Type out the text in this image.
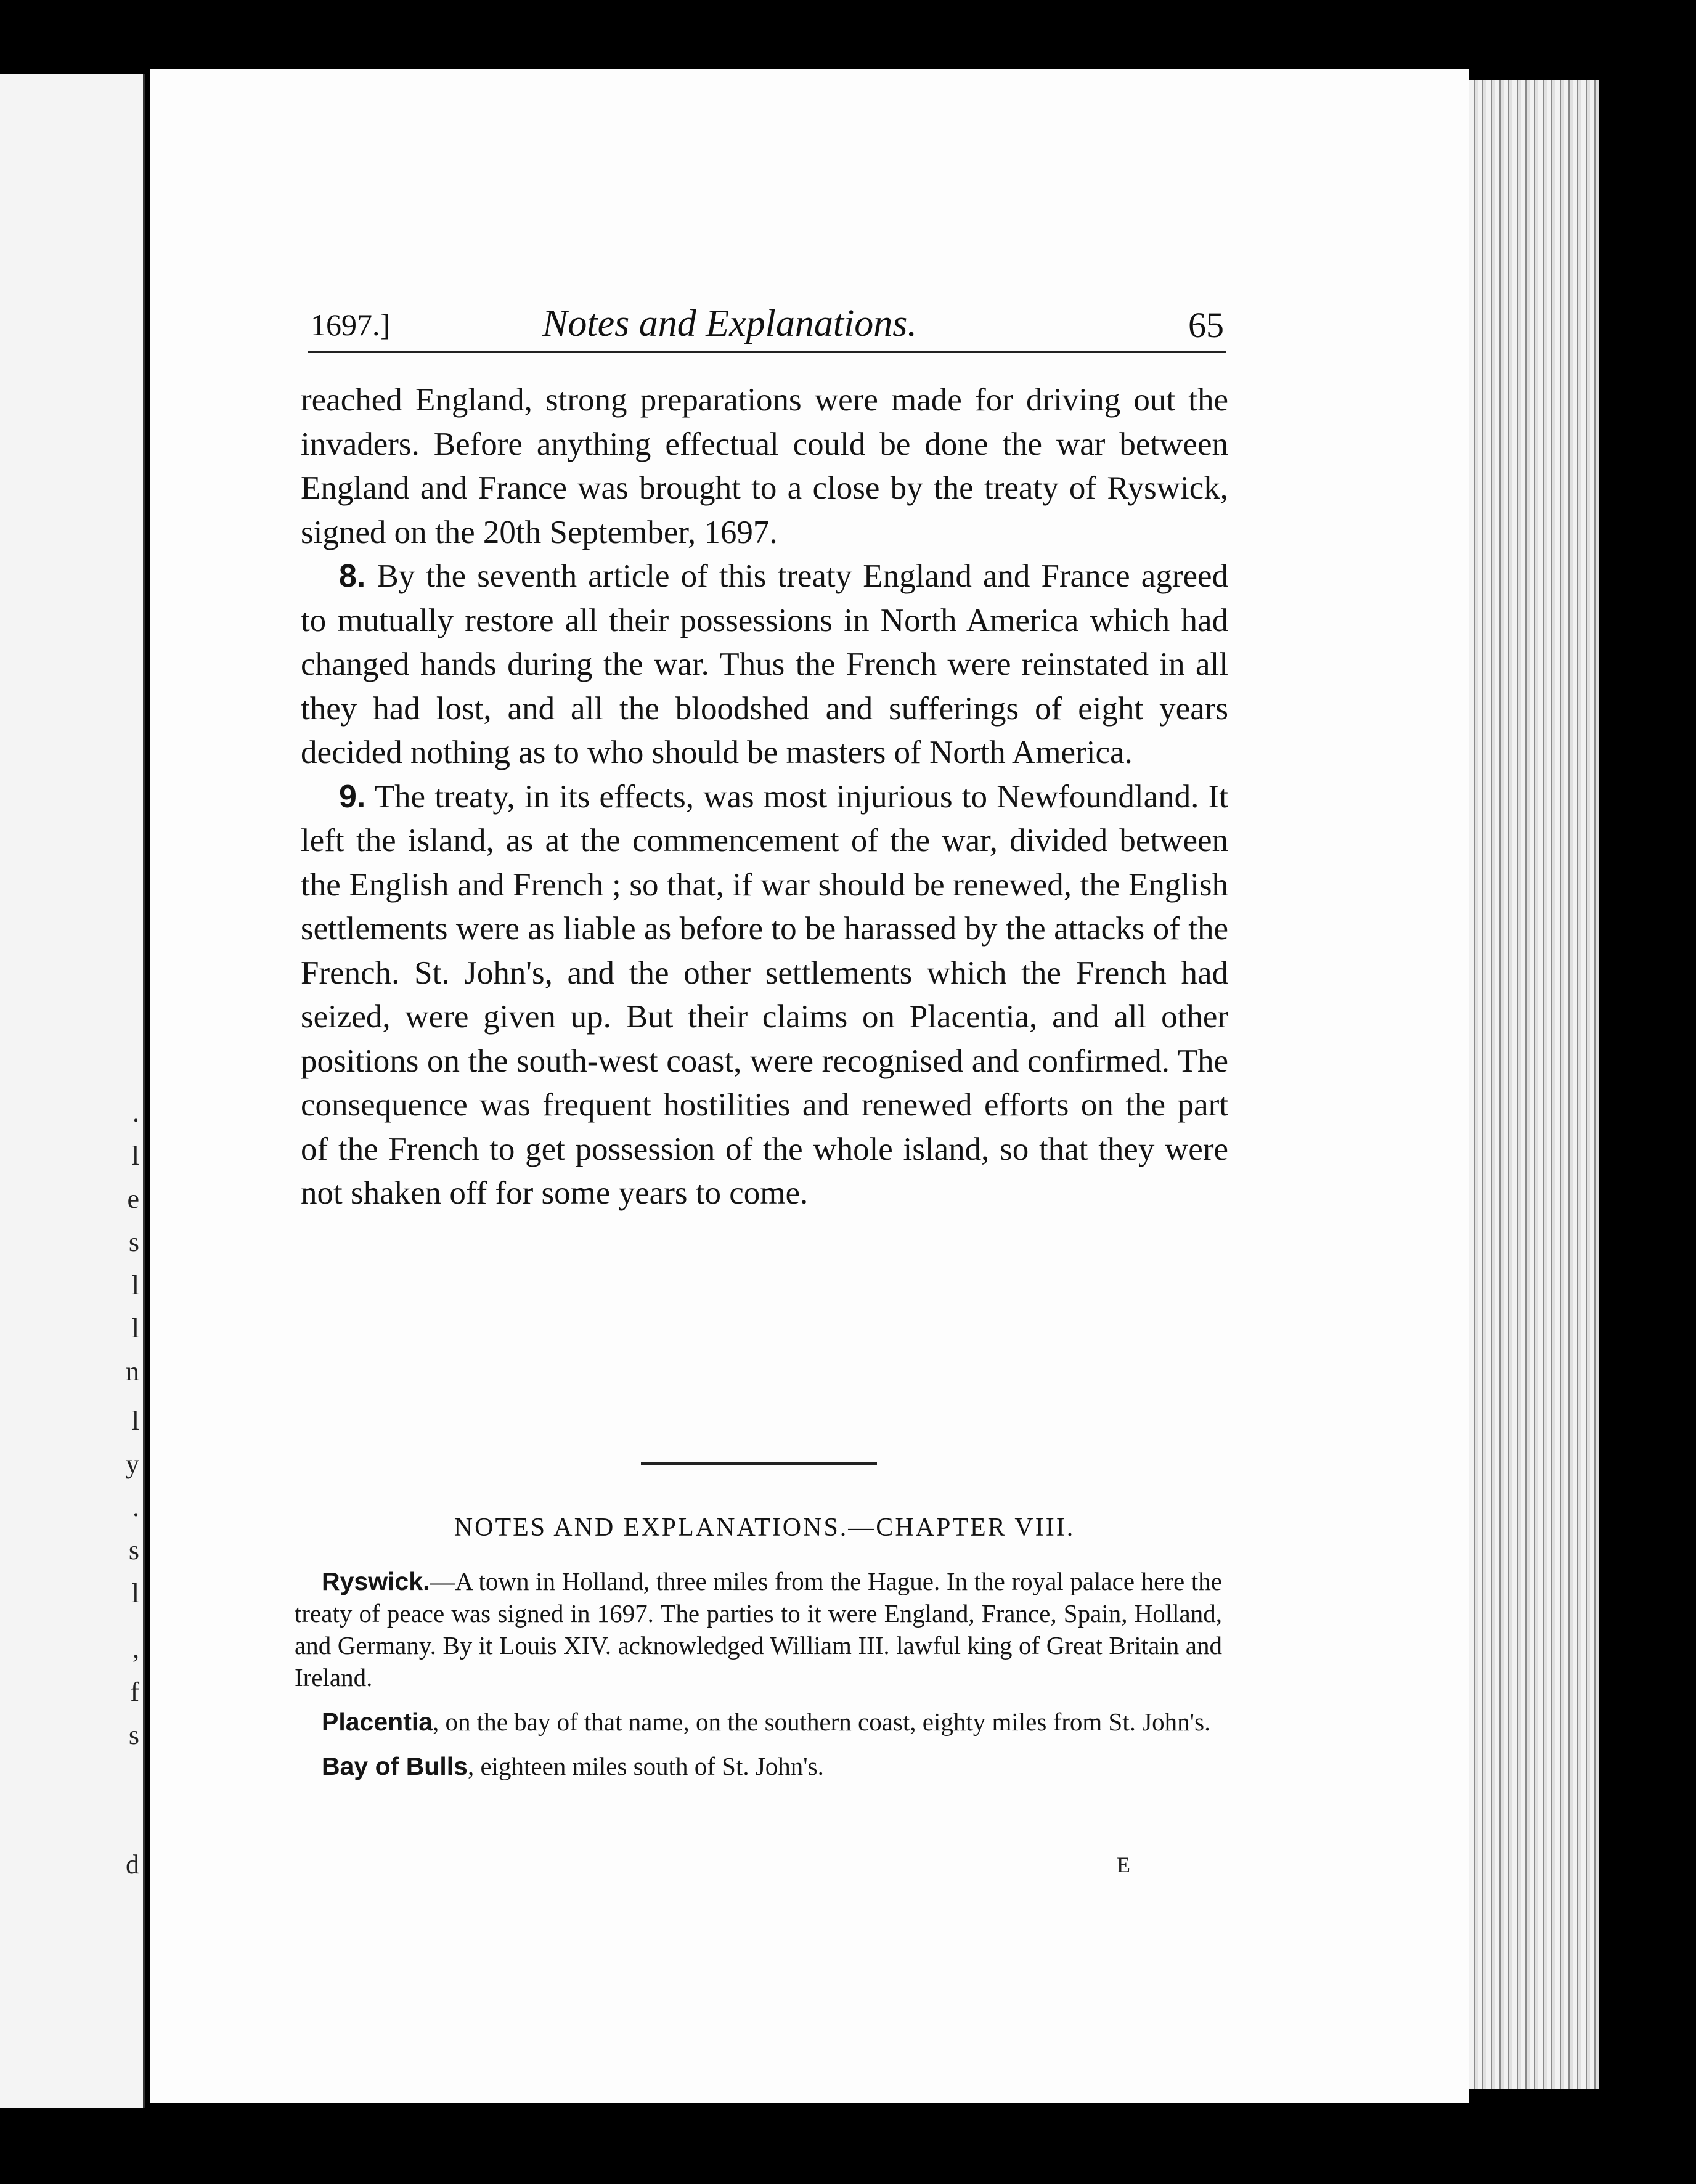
.
l
e
s
l
l
n
l
y
.
s
l
,
f
s
d
1697.]	Notes and Explanations.	65

reached England, strong preparations were made for driving out the invaders. Before anything effectual could be done the war between England and France was brought to a close by the treaty of Ryswick, signed on the 20th September, 1697.

8. By the seventh article of this treaty England and France agreed to mutually restore all their possessions in North America which had changed hands during the war. Thus the French were reinstated in all they had lost, and all the bloodshed and sufferings of eight years decided nothing as to who should be masters of North America.

9. The treaty, in its effects, was most injurious to Newfoundland. It left the island, as at the commencement of the war, divided between the English and French ; so that, if war should be renewed, the English settlements were as liable as before to be harassed by the attacks of the French. St. John's, and the other settlements which the French had seized, were given up. But their claims on Placentia, and all other positions on the south-west coast, were recognised and confirmed. The consequence was frequent hostilities and renewed efforts on the part of the French to get possession of the whole island, so that they were not shaken off for some years to come.

NOTES AND EXPLANATIONS.—CHAPTER VIII.

Ryswick.—A town in Holland, three miles from the Hague. In the royal palace here the treaty of peace was signed in 1697. The parties to it were England, France, Spain, Holland, and Germany. By it Louis XIV. acknowledged William III. lawful king of Great Britain and Ireland.

Placentia, on the bay of that name, on the southern coast, eighty miles from St. John's.

Bay of Bulls, eighteen miles south of St. John's.

E
